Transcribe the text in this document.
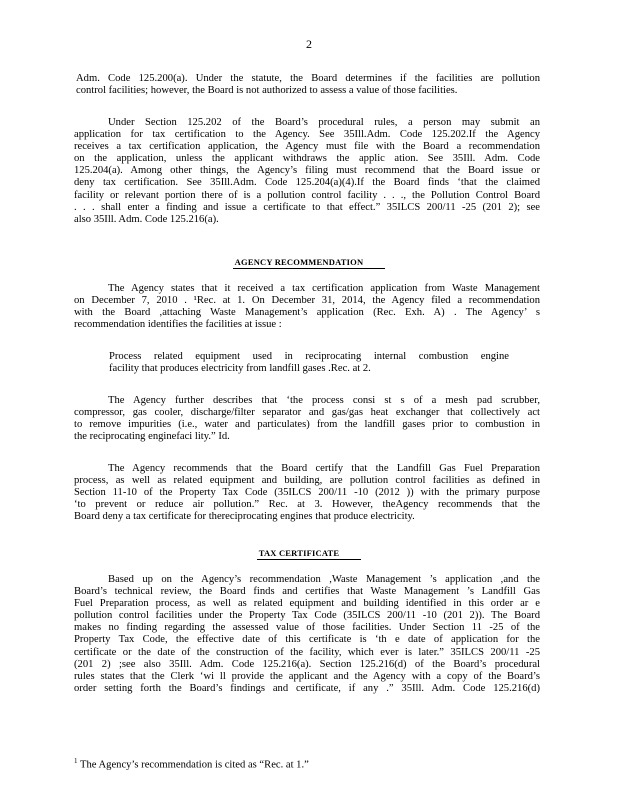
2
Adm. Code 125.200(a). Under the statute, the Board determines if the facilities are pollution
control facilities; however, the Board is not authorized to assess a value of those facilities.
Under Section 125.202 of the Board’s procedural rules, a person may submit an
application for tax certification to the Agency. See 35Ill.Adm. Code 125.202.If the Agency
receives a tax certification application, the Agency must file with the Board a recommendation
on the application, unless the applicant withdraws the applic ation. See 35Ill. Adm. Code
125.204(a). Among other things, the Agency’s filing must recommend that the Board issue or
deny tax certification. See 35Ill.Adm. Code 125.204(a)(4).If the Board finds ‘that the claimed
facility or relevant portion there of is a pollution control facility . . ., the Pollution Control Board
. . . shall enter a finding and issue a certificate to that effect.” 35ILCS 200/11 -25 (201 2); see
also 35Ill. Adm. Code 125.216(a).
AGENCY RECOMMENDATION
The Agency states that it received a tax certification application from Waste Management
on December 7, 2010 . ¹Rec. at 1. On December 31, 2014, the Agency filed a recommendation
with the Board ,attaching Waste Management’s application (Rec. Exh. A) . The Agency’ s
recommendation identifies the facilities at issue :
Process related equipment used in reciprocating internal combustion engine
facility that produces electricity from landfill gases .Rec. at 2.
The Agency further describes that ‘the process consi st s of a mesh pad scrubber,
compressor, gas cooler, discharge/filter separator and gas/gas heat exchanger that collectively act
to remove impurities (i.e., water and particulates) from the landfill gases prior to combustion in
the reciprocating enginefaci lity.” Id.
The Agency recommends that the Board certify that the Landfill Gas Fuel Preparation
process, as well as related equipment and building, are pollution control facilities as defined in
Section 11-10 of the Property Tax Code (35ILCS 200/11 -10 (2012 )) with the primary purpose
‘to prevent or reduce air pollution.” Rec. at 3. However, theAgency recommends that the
Board deny a tax certificate for thereciprocating engines that produce electricity.
TAX CERTIFICATE
Based up on the Agency’s recommendation ,Waste Management ’s application ,and the
Board’s technical review, the Board finds and certifies that Waste Management ’s Landfill Gas
Fuel Preparation process, as well as related equipment and building identified in this order ar e
pollution control facilities under the Property Tax Code (35ILCS 200/11 -10 (201 2)). The Board
makes no finding regarding the assessed value of those facilities. Under Section 11 -25 of the
Property Tax Code, the effective date of this certificate is ‘th e date of application for the
certificate or the date of the construction of the facility, which ever is later.” 35ILCS 200/11 -25
(201 2) ;see also 35Ill. Adm. Code 125.216(a). Section 125.216(d) of the Board’s procedural
rules states that the Clerk ‘wi ll provide the applicant and the Agency with a copy of the Board’s
order setting forth the Board’s findings and certificate, if any .” 35Ill. Adm. Code 125.216(d)
$^1$ The Agency’s recommendation is cited as “Rec. at 1.”
